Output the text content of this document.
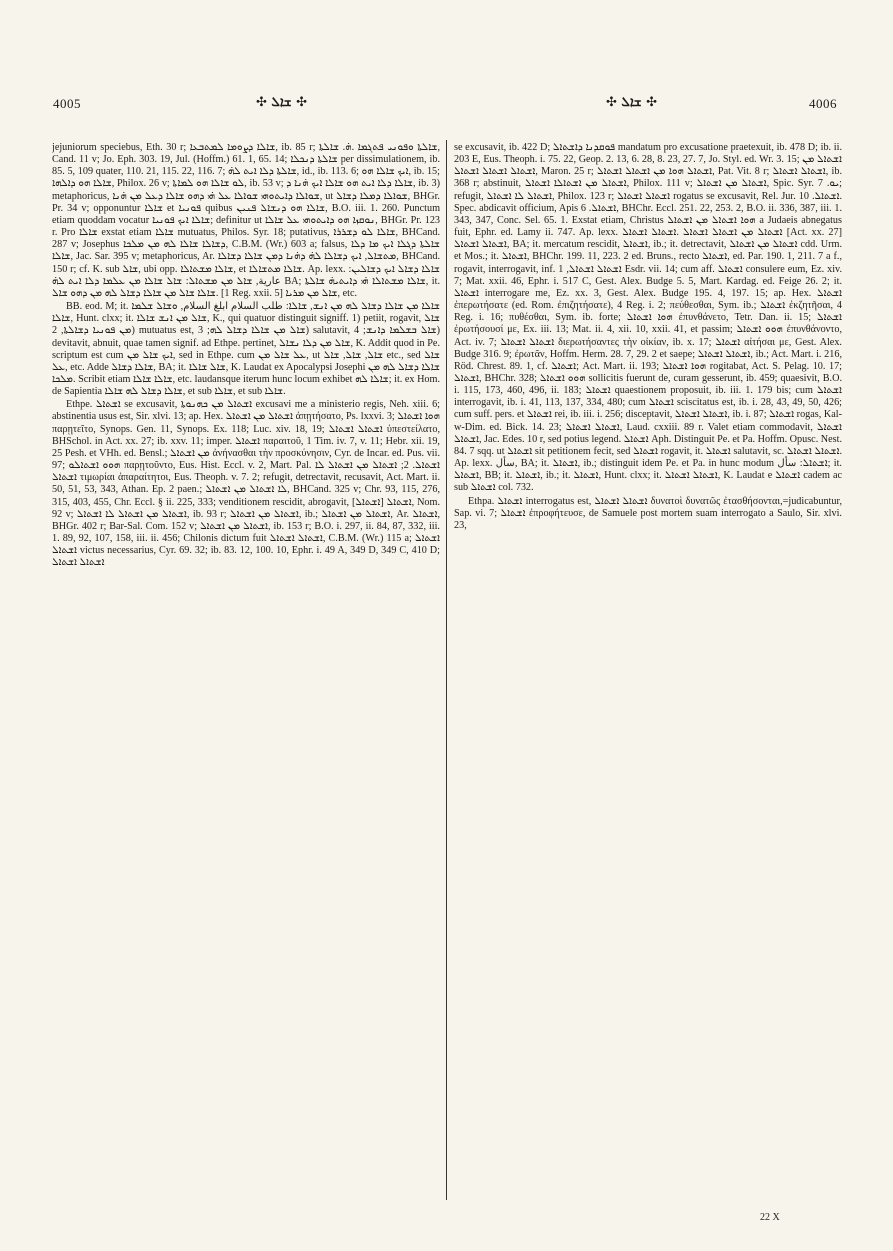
4005	✣ ܫܐܠ ✣	✣ ܫܐܠ ✣	4006

jejuniorum speciebus, Eth. 30 r; ܫܐܠܐ ܕܨܘܡܐ ܠܡܬܒܥܐ, ib. 85 r; ܫܐܠܬܐ ܘܦܘܢܝ ܦܬܓܡܐ .ܗ̇. ܫܐܠܬܐ, Cand. 11 v; Jo. Eph. 303. 19, Jul. (Hoffm.) 61. 1, 65. 14; ܫܐܠܬܐ ܕܢܟܠܐ per dissimulationem, ib. 85. 5, 109 quater, 110. 21, 115. 22, 116. 7; ܫܐܠܬܐ ܕܠܐ ܐܝܬ ܠܗ̇, id., ib. 113. 6; ܐܝܟ ܫܐܠܐ ܗܘ, ib. 15; ܫܐܠܐ ܗܘ ܕܐܠܗܐ, Philox. 26 v; ܠܘ ܫܐܠܐ ܗܘ ܠܡܐܬܐ, ib. 53 v; ܫܐܠܐ ܕܠܐ ܐܝܬ ܗܘ ܫܐܠܐ ܐܝܟ ܗ̇ܢܐ ܕ, ib. 3) metaphoricus, ܫܘܐܠܐ ܕܐܝܬܘܗܝ ܫܘܐܠܐ ܥܠ ܗ̇ܝ ܕܗܘ ܫܐܠܐ ܕܥܠ ܡܢ ܗ̇ܢܐ, ut ܫܘܐܠܐ ܕܡܠܐ ܕܫܐܠ, BHGr. Pr. 34 v; opponuntur ܫܐܠܐ et ܦܘܢܝܐ quibus ܫܐܠܐ ܗܘ ܕܢܫܐܠ ܦܢܝܢ, B.O. iii. 1. 260. Punctum etiam quoddam vocatur ܫܐܠܐ ܐܝܟ ܦܘܢܝܐ; definitur ut ܢܘܩܙܐ ܗܘ ܕܐܝܬܘܗܝ ܥܠ ܫܐܠܐ, BHGr. Pr. 123 r. Pro ܫܐܠܐ exstat etiam ܫܐܠܐ mutuatus, Philos. Syr. 18; putativus, ܫܐܠܐ ܠܘ ܕܫܪܪܐ, BHCand. 287 v; Josephus ܕܫܐܠܐ ܫܐܠܐ ܠܗ ܡܢ ܡܠܟܐ, C.B.M. (Wr.) 603 a; falsus, ܫܐܠܬܐ ܕܓܠܐ ܐܝܟ ܡܐ ܕܠܐ ܫܐܠܐ, Jac. Sar. 395 v; metaphoricus, Ar. ܡܬܫܐܠ, ܐܝܟ ܕܫܐܠܐ ܠܗ̇ ܕܗ̇ܢܐ ܕܡܢ ܫܐܠܐ ܕܫܐܠܐ, BHCand. 150 r; cf. K. sub ܫܐܠ, ubi opp. ܫܐܠܐ ܡܫܬܐܠܐ, et ܫܐܠܐ ܡܬܫܐܠܐ. Ap. lexx. ܫܐܠܐ ܕܫܐܠ ܐܝܟ ܕܫܐܠܝܢ: عارية, ܫܐܠ ܡܢ ܡܫܬܐܠ: ܫܐܠ ܫܐܠܐ ܡܢ ܥܠܡܐ ܕܠܐ ܐܝܬ ܠܗ̇ BA; ܫܐܠܐ ܡܫܬܐܠܐ ܗ̇ܝ ܕܐܝܬܝܗ̇ ܫܐܠܬܐ, it. ܫܐܠܐ ܫܐܠ ܡܢ ܫܐܠܐ ܕܫܐܠ ܠܗ ܡܢ ܕܗܘ ܫܐܠ. [1 Reg. xxii. 5] ܫܐܠ ܡܢ ܡܪܝܐ, etc.

BB. eod. M; it. ܫܐܠܐ ܡܢ ܫܐܠܐ ܕܫܐܠ ܠܗ ܡܢ ܐܢܫ, ܫܐܠܐ: طلب السلام ابلغ السلام, ܘܫܐܠ ܫܠܡܐ ܫܐܠܐ, Hunt. clxx; it. ܫܐܠ ܡܢ ܐܢܫ ܫܐܠܐ, K., qui quatuor distinguit signiff. 1) petiit, rogavit, ܫܐܠ ܡܢ ܦܘܢܝܐ ܕܫܐܠܬܐ, 2) mutuatus est, ܫܐܠ ܡܢ ܫܐܠܐ ܕܫܐܠ ܠܗ; 3) salutavit, ܫܐܠ ܒܫܠܡܐ ܕܐܢܫ; 4) devitavit, abnuit, quae tamen signif. ad Ethpe. pertinet, ܫܐܠ ܡܢ ܕܠܐ ܢܫܐܠ, K. Addit quod in Pe. scriptum est cum ܐܝܟ ܫܐܠ ܡܢ, sed in Ethpe. cum ܥܠ ܫܐܠ ܡܢ, ut ܫܐܠ, ܫܐܠ, ܫܐܠ etc., sed ܫܐܠ ܥܠ, etc. Adde ܫܐܠܐ ܕܫܐܠ, BA; it. ܫܐܠ ܫܐܠܐ, K. Laudat ex Apocalypsi Josephi ܫܐܠܐ ܕܫܐܠ ܠܗ ܡܢ ܡܠܟܐ. Scribit etiam ܫܐܠܐ ܫܐܠܐ, etc. laudansque iterum hunc locum exhibet ܫܐܠܐ ܠܗ; it. ex Hom. de Sapientia ܫܐܠܐ ܕܫܐܠ ܠܗ ܫܐܠܐ, et sub ܫܐܠܐ, et sub ܫܐܠܐ.

Ethpe. ܐܫܬܐܠ se excusavit, ܐܫܬܐܠ ܡܢ ܟܗܢܘܬܐ excusavi me a ministerio regis, Neh. xiii. 6; abstinentia usus est, Sir. xlvi. 13; ap. Hex. ܐܫܬܐܠ ܡܢ ܐܫܬܐܠ ἀπῃτήσατο, Ps. lxxvi. 3; ܗܘܐ ܐܫܬܐܠ παρῃτεῖτο, Synops. Gen. 11, Synops. Ex. 118; Luc. xiv. 18, 19; ܐܫܬܐܠ ܐܫܬܐܠ ὑπεστείλατο, BHSchol. in Act. xx. 27; ib. xxv. 11; imper. ܐܫܬܐܠ παραιτοῦ, 1 Tim. iv. 7, v. 11; Hebr. xii. 19, 25 Pesh. et VHh. ed. Bensl.; ܡܢ ܐܫܬܐܠ ἀνήνασθαι τὴν προσκύνησιν, Cyr. de Incar. ed. Pus. vii. 97; ܗܘܘ ܐܫܬܐܠܘ παρῃτοῦντο, Eus. Hist. Eccl. v. 2, Mart. Pal. ܐܫܬܐܠ. 2; ܐܫܬܐܠ ܡܢ ܐܫܬܐܠ ܠܐ ܐܫܬܐܠ τιμωρίαι ἀπαραίτητοι, Eus. Theoph. v. 7. 2; refugit, detrectavit, recusavit, Act. Mart. ii. 50, 51, 53, 343, Athan. Ep. 2 paen.; ܠܐ ܐܫܬܐܠ ܡܢ ܐܫܬܐܠ, BHCand. 325 v; Chr. 93, 115, 276, 315, 403, 455, Chr. Eccl. § ii. 225, 333; venditionem rescidit, abrogavit, ܐܫܬܐܠ [ܐܫܬܐܠ], Nom. 92 v; ܐܫܬܐܠ ܡܢ ܐܫܬܐܠ ܠܐ ܐܫܬܐܠ, ib. 93 r; ܐܫܬܐܠ ܡܢ ܐܫܬܐܠ, ib.; ܐܫܬܐܠ ܡܢ ܐܫܬܐܠ, Ar. ܐܫܬܐܠ, BHGr. 402 r; Bar-Sal. Com. 152 v; ܐܫܬܐܠ ܡܢ ܐܫܬܐܠ, ib. 153 r; B.O. i. 297, ii. 84, 87, 332, iii. 1. 89, 92, 107, 158, iii. ii. 456; Chilonis dictum fuit ܐܫܬܐܠ ܐܫܬܐܠ, C.B.M. (Wr.) 115 a; ܐܫܬܐܠ ܐܫܬܐܠ victus necessarius, Cyr. 69. 32; ib. 83. 12, 100. 10, Ephr. i. 49 A, 349 D, 349 C, 410 D; ܐܫܬܐܠ ܐܫܬܐܠ

se excusavit, ib. 422 D; ܦܘܩܕܢܐ ܕܐܫܬܐܠ mandatum pro excusatione praetexuit, ib. 478 D; ib. ii. 203 E, Eus. Theoph. i. 75. 22, Geop. 2. 13, 6. 28, 8. 23, 27. 7, Jo. Styl. ed. Wr. 3. 15; ܐܫܬܐܠ ܡܢ ܐܫܬܐܠ ܐܫܬܐܠ ܐܫܬܐܠ, Maron. 25 r; ܐܫܬܐܠ ܗܘܐ ܡܢ ܐܫܬܐܠ ܐܫܬܐܠ, Pat. Vit. 8 r; ܐܫܬܐܠ ܐܫܬܐܠ, ib. 368 r; abstinuit, ܐܫܬܐܠ ܡܢ ܐܫܬܐܠܐ ܐܫܬܐܠ, Philox. 111 v; ܐܫܬܐܠ ܡܢ ܐܫܬܐܠ, Spic. Syr. ܝܘ. 7; refugit, ܐܫܬܐܠ ܠܐ ܐܫܬܐܠ, Philox. 123 r; ܐܫܬܐܠ ܐܫܬܐܠ rogatus se excusavit, Rel. Jur. ܐܫܬܐܠ. 10. Spec. abdicavit officium, Apis ܐܫܬܐܠ. 6, BHChr. Eccl. 251. 22, 253. 2, B.O. ii. 336, 387, iii. 1. 343, 347, Conc. Sel. 65. 1. Exstat etiam, Christus ܗܘܐ ܐܫܬܐܠ ܡܢ ܐܫܬܐܠ a Judaeis abnegatus fuit, Ephr. ed. Lamy ii. 747. Ap. lexx. ܐܫܬܐܠ ܡܢ ܐܫܬܐܠ ܐܫܬܐܠ .ܐܫܬܐܠ ܐܫܬܐܠ [Act. xx. 27] ܐܫܬܐܠ ܐܫܬܐܠ, BA; it. mercatum rescidit, ܐܫܬܐܠ, ib.; it. detrectavit, ܐܫܬܐܠ ܡܢ ܐܫܬܐܠ cdd. Urm. et Mos.; it. ܐܫܬܐܠ, BHChr. 199. 11, 223. 2 ed. Bruns., recto ܐܫܬܐܠ, ed. Par. 190. 1, 211. 7 a f., rogavit, interrogavit, inf. ܐܫܬܐܠ ܐܫܬܐܠ, 1 Esdr. vii. 14; cum aff. ܐܫܬܐܠ consulere eum, Ez. xiv. 7; Mat. xxii. 46, Ephr. i. 517 C, Gest. Alex. Budge 5. 5, Mart. Kardag. ed. Feige 26. 2; it. ܐܫܬܐܠ interrogare me, Ez. xx. 3, Gest. Alex. Budge 195. 4, 197. 15; ap. Hex. ܐܫܬܐܠ ἐπερωτήσατε (ed. Rom. ἐπιζητήσατε), 4 Reg. i. 2; πεύθεσθαι, Sym. ib.; ܐܫܬܐܠ ἐκζητῆσαι, 4 Reg. i. 16; πυθέσθαι, Sym. ib. forte; ܗܘܐ ܐܫܬܐܠ ἐπυνθάνετο, Tetr. Dan. ii. 15; ܐܫܬܐܠ ἐρωτήσουσί με, Ex. iii. 13; Mat. ii. 4, xii. 10, xxii. 41, et passim; ܗܘܘ ܐܫܬܐܠ ἐπυνθάνοντο, Act. iv. 7; ܐܫܬܐܠ ܐܫܬܐܠ διερωτήσαντες τὴν οἰκίαν, ib. x. 17; ܐܫܬܐܠ αἰτήσαι με, Gest. Alex. Budge 316. 9; ἐρωτᾶν, Hoffm. Herm. 28. 7, 29. 2 et saepe; ܐܫܬܐܠ ܐܫܬܐܠ, ib.; Act. Mart. i. 216, Röd. Chrest. 89. 1, cf. ܐܫܬܐܠ; Act. Mart. ii. 193; ܗܘܐ ܐܫܬܐܠ rogitabat, Act. S. Pelag. 10. 17; ܐܫܬܐܠ, BHChr. 328; ܗܘܘ ܐܫܬܐܠ sollicitis fuerunt de, curam gesserunt, ib. 459; quaesivit, B.O. i. 115, 173, 460, 496, ii. 183; ܐܫܬܐܠ quaestionem proposuit, ib. iii. 1. 179 bis; cum ܐܫܬܐܠ interrogavit, ib. i. 41, 113, 137, 334, 480; cum ܐܫܬܐܠ sciscitatus est, ib. i. 28, 43, 49, 50, 426; cum suff. pers. et ܐܫܬܐܠ rei, ib. iii. i. 256; disceptavit, ܐܫܬܐܠ ܐܫܬܐܠ, ib. i. 87; ܐܫܬܐܠ rogas, Kal-w-Dim. ed. Bick. 14. 23; ܐܫܬܐܠ ܐܫܬܐܠ, Laud. cxxiii. 89 r. Valet etiam commodavit, ܐܫܬܐܠ ܐܫܬܐܠ, Jac. Edes. 10 r, sed potius legend. ܐܫܬܐܠ Aph. Distinguit Pe. et Pa. Hoffm. Opusc. Nest. 84. 7 sqq. ut ܐܫܬܐܠ sit petitionem fecit, sed ܐܫܬܐܠ rogavit, it. ܐܫܬܐܠ salutavit, sc. ܐܫܬܐܠ ܐܫܬܐܠ. Ap. lexx. سأل, BA; it. ܐܫܬܐܠ, ib.; distinguit idem Pe. et Pa. in hunc modum ܐܫܬܐܠ: سأل; it. ܐܫܬܐܠ, BB; it. ܐܫܬܐܠ, ib.; it. ܐܫܬܐܠ, Hunt. clxx; it. ܐܫܬܐܠ ܐܫܬܐܠ, K. Laudat e ܐܫܬܐܠ cadem ac sub ܐܫܬܐܠ col. 732.

Ethpa. ܐܫܬܐܠ interrogatus est, ܐܫܬܐܠ ܐܫܬܐܠ δυνατοὶ δυνατῶς ἐτασθήσονται,=judicabuntur, Sap. vi. 7; ܐܫܬܐܠ ἐπροφήτευσε, de Samuele post mortem suam interrogato a Saulo, Sir. xlvi. 23,

22 X
